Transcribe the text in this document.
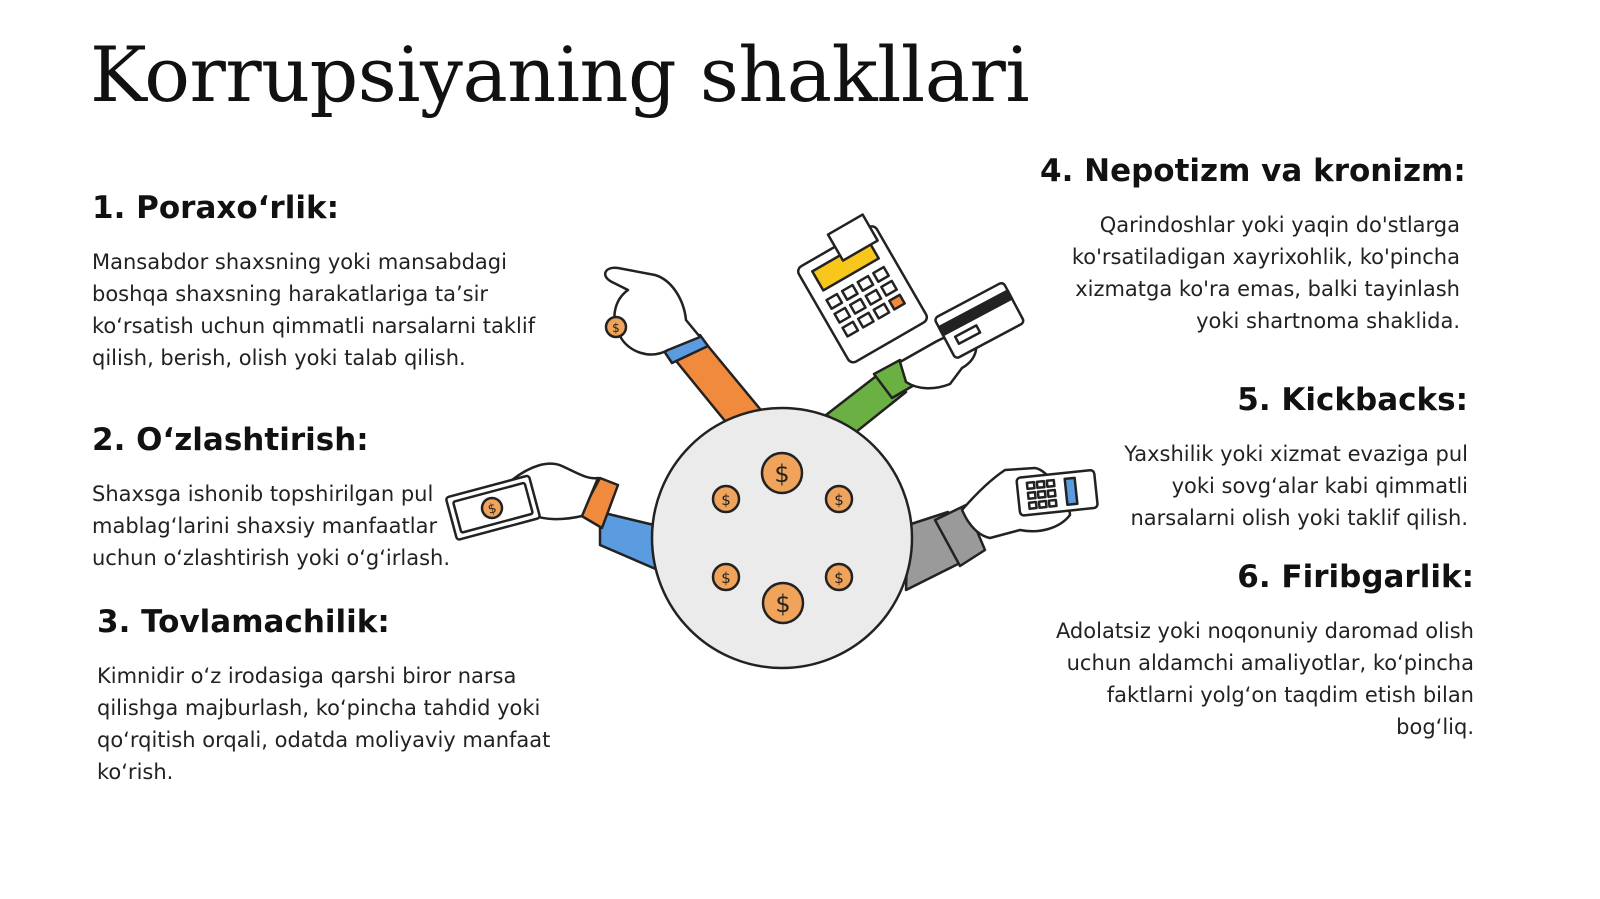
Korrupsiyaning shakllari
1. Poraxo‘rlik:

Mansabdor shaxsning yoki mansabdagi boshqa shaxsning harakatlariga ta’sir ko‘rsatish uchun qimmatli narsalarni taklif qilish, berish, olish yoki talab qilish.

2. O‘zlashtirish:

Shaxsga ishonib topshirilgan pul mablag‘larini shaxsiy manfaatlar uchun o‘zlashtirish yoki o‘g‘irlash.

3. Tovlamachilik:

Kimnidir o‘z irodasiga qarshi biror narsa qilishga majburlash, ko‘pincha tahdid yoki qo‘rqitish orqali, odatda moliyaviy manfaat ko‘rish.

4. Nepotizm va kronizm:

Qarindoshlar yoki yaqin do'stlarga ko'rsatiladigan xayrixohlik, ko'pincha xizmatga ko'ra emas, balki tayinlash yoki shartnoma shaklida.

5. Kickbacks:

Yaxshilik yoki xizmat evaziga pul yoki sovg‘alar kabi qimmatli narsalarni olish yoki taklif qilish.

6. Firibgarlik:

Adolatsiz yoki noqonuniy daromad olish uchun aldamchi amaliyotlar, ko‘pincha faktlarni yolg‘on taqdim etish bilan bog‘liq.

$
$
$	$
$	$
$
$
